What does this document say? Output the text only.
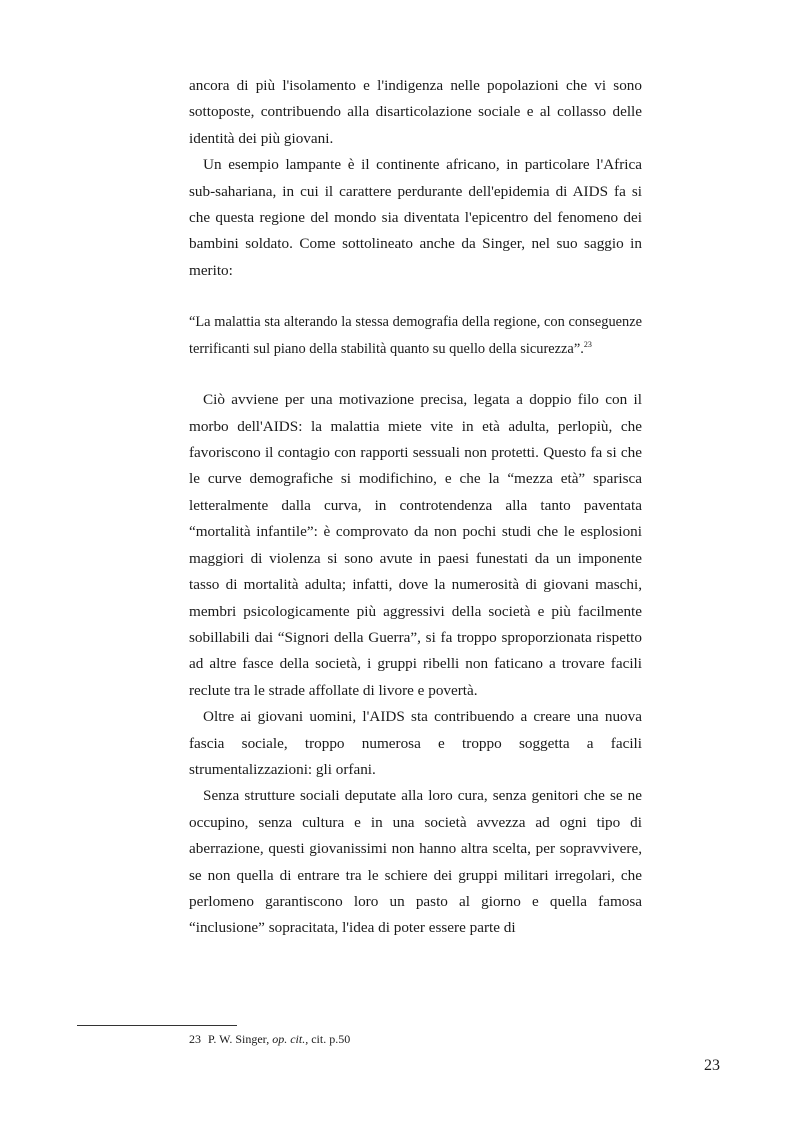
ancora di più l'isolamento e l'indigenza nelle popolazioni che vi sono sottoposte, contribuendo alla disarticolazione sociale e al collasso delle identità dei più giovani.

Un esempio lampante è il continente africano, in particolare l'Africa sub-sahariana, in cui il carattere perdurante dell'epidemia di AIDS fa si che questa regione del mondo sia diventata l'epicentro del fenomeno dei bambini soldato. Come sottolineato anche da Singer, nel suo saggio in merito:

“La malattia sta alterando la stessa demografia della regione, con conseguenze terrificanti sul piano della stabilità quanto su quello della sicurezza”.$^{23}$

Ciò avviene per una motivazione precisa, legata a doppio filo con il morbo dell'AIDS: la malattia miete vite in età adulta, perlopiù, che favoriscono il contagio con rapporti sessuali non protetti. Questo fa si che le curve demografiche si modifichino, e che la “mezza età” sparisca letteralmente dalla curva, in controtendenza alla tanto paventata “mortalità infantile”: è comprovato da non pochi studi che le esplosioni maggiori di violenza si sono avute in paesi funestati da un imponente tasso di mortalità adulta; infatti, dove la numerosità di giovani maschi, membri psicologicamente più aggressivi della società e più facilmente sobillabili dai “Signori della Guerra”, si fa troppo sproporzionata rispetto ad altre fasce della società, i gruppi ribelli non faticano a trovare facili reclute tra le strade affollate di livore e povertà.

Oltre ai giovani uomini, l'AIDS sta contribuendo a creare una nuova fascia sociale, troppo numerosa e troppo soggetta a facili strumentalizzazioni: gli orfani.

Senza strutture sociali deputate alla loro cura, senza genitori che se ne occupino, senza cultura e in una società avvezza ad ogni tipo di aberrazione, questi giovanissimi non hanno altra scelta, per sopravvivere, se non quella di entrare tra le schiere dei gruppi militari irregolari, che perlomeno garantiscono loro un pasto al giorno e quella famosa “inclusione” sopracitata, l'idea di poter essere parte di

23 P. W. Singer, op. cit., cit. p.50
23
